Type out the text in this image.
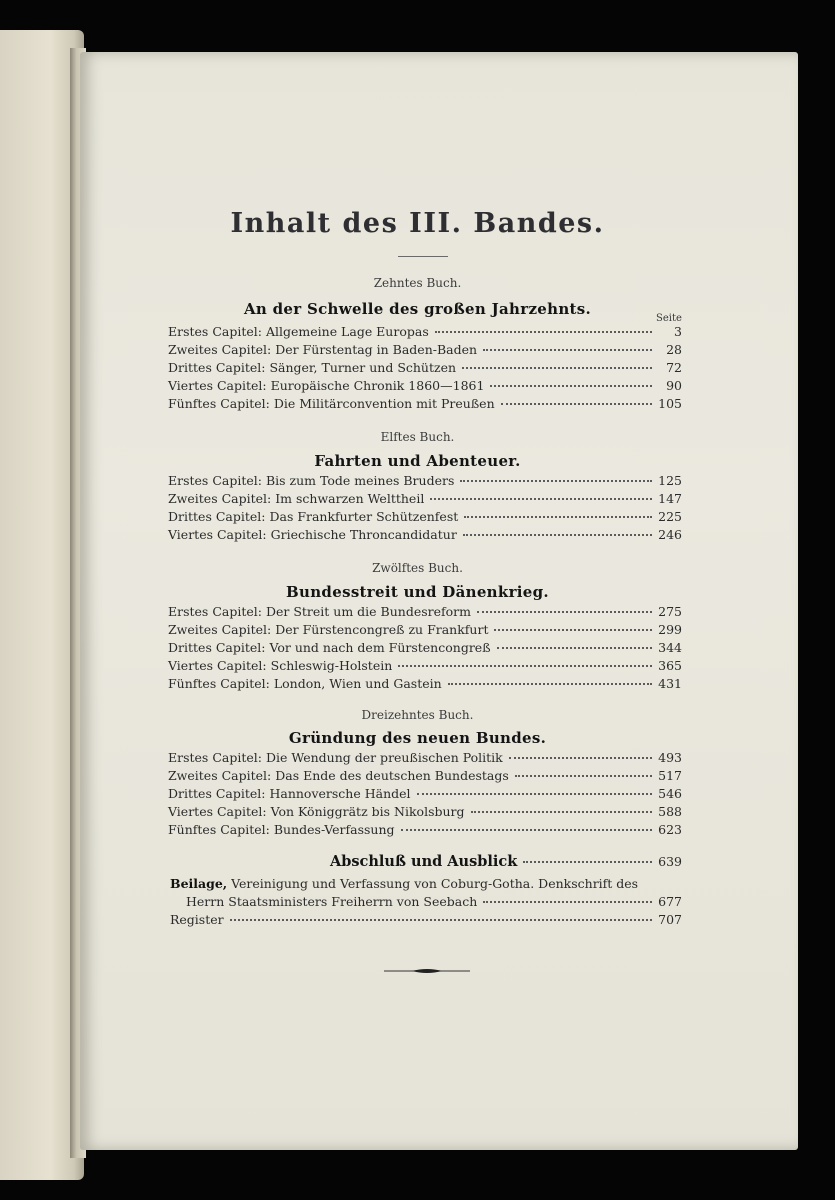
Inhalt des III. Bandes.
Seite
Zehntes Buch.
An der Schwelle des großen Jahrzehnts.
Erstes Capitel: Allgemeine Lage Europas	3
Zweites Capitel: Der Fürstentag in Baden-Baden	28
Drittes Capitel: Sänger, Turner und Schützen	72
Viertes Capitel: Europäische Chronik 1860—1861	90
Fünftes Capitel: Die Militärconvention mit Preußen	105
Elftes Buch.
Fahrten und Abenteuer.
Erstes Capitel: Bis zum Tode meines Bruders	125
Zweites Capitel: Im schwarzen Welttheil	147
Drittes Capitel: Das Frankfurter Schützenfest	225
Viertes Capitel: Griechische Throncandidatur	246
Zwölftes Buch.
Bundesstreit und Dänenkrieg.
Erstes Capitel: Der Streit um die Bundesreform	275
Zweites Capitel: Der Fürstencongreß zu Frankfurt	299
Drittes Capitel: Vor und nach dem Fürstencongreß	344
Viertes Capitel: Schleswig-Holstein	365
Fünftes Capitel: London, Wien und Gastein	431
Dreizehntes Buch.
Gründung des neuen Bundes.
Erstes Capitel: Die Wendung der preußischen Politik	493
Zweites Capitel: Das Ende des deutschen Bundestags	517
Drittes Capitel: Hannoversche Händel	546
Viertes Capitel: Von Königgrätz bis Nikolsburg	588
Fünftes Capitel: Bundes-Verfassung	623
Abschluß und Ausblick	639
Beilage, Vereinigung und Verfassung von Coburg-Gotha. Denkschrift des
Herrn Staatsministers Freiherrn von Seebach	677
Register	707
